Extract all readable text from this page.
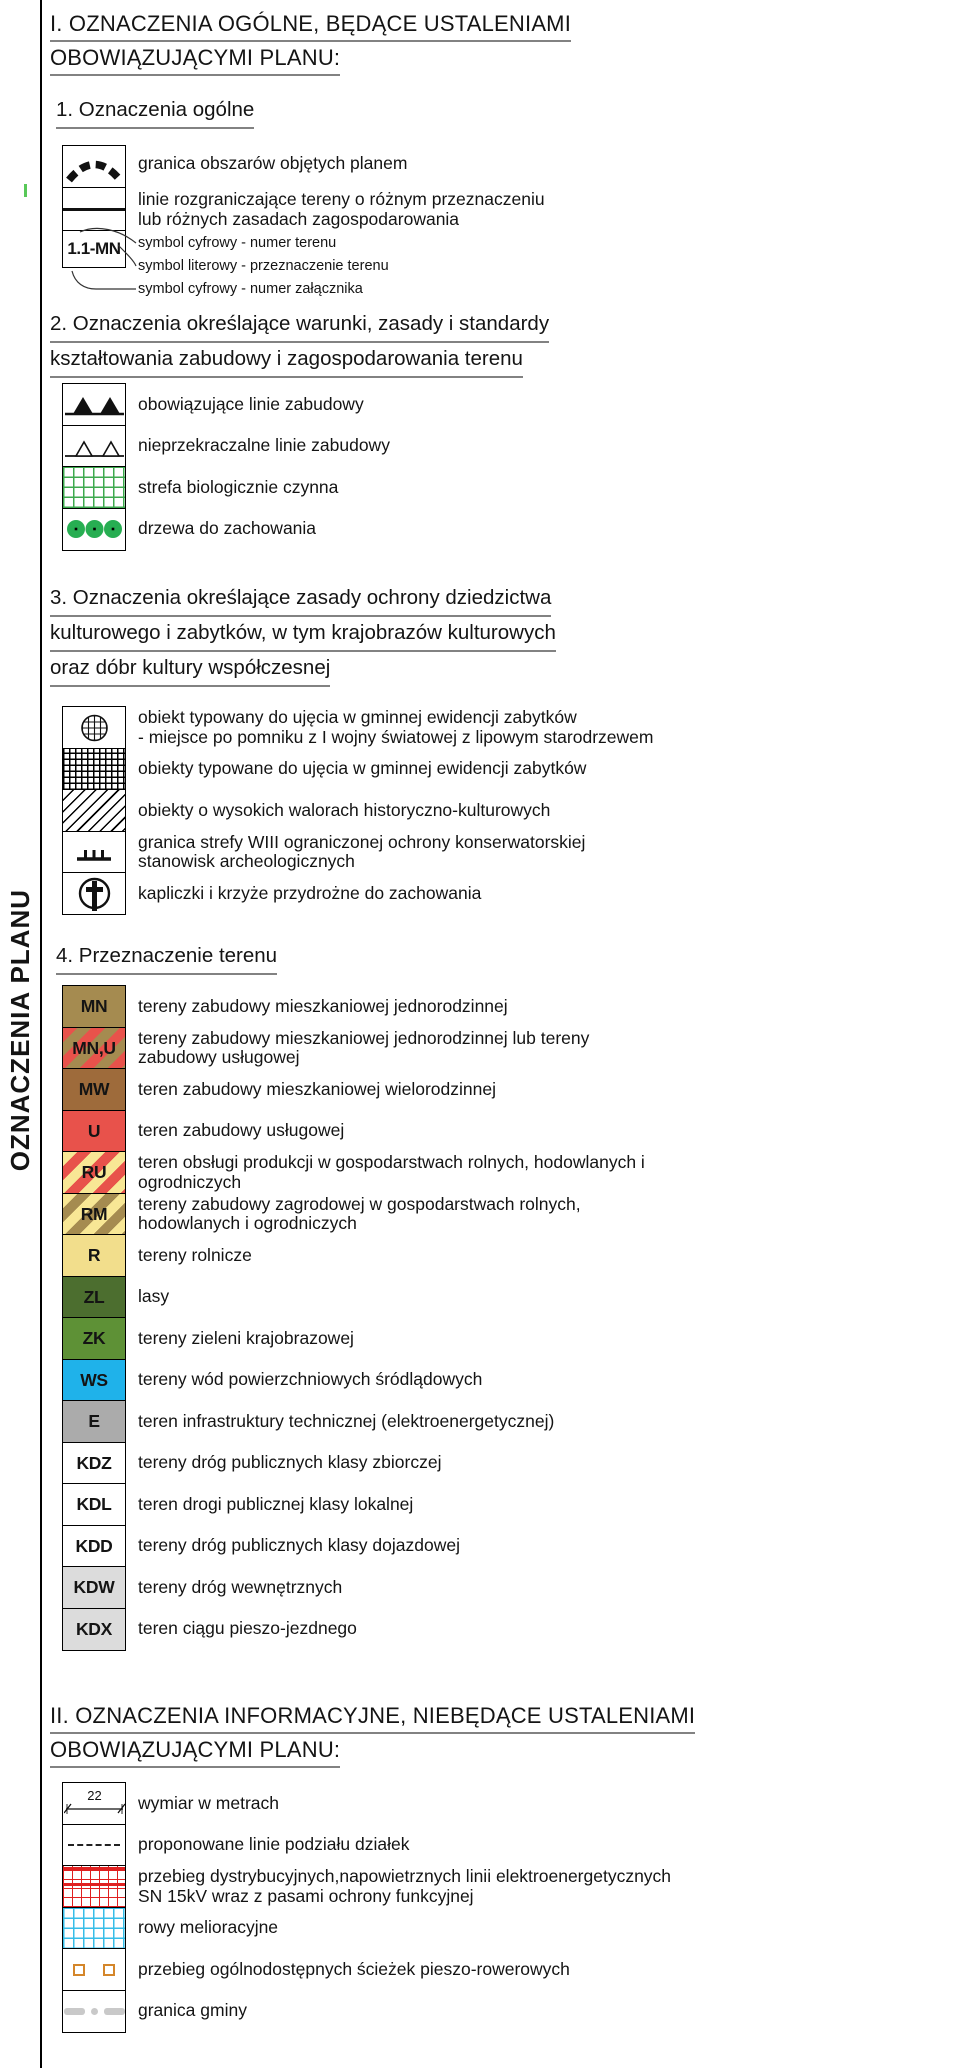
OZNACZENIA PLANU
I. OZNACZENIA OGÓLNE, BĘDĄCE USTALENIAMI
OBOWIĄZUJĄCYMI PLANU:
1. Oznaczenia ogólne
1.1-MN
granica obszarów objętych planem
linie rozgraniczające tereny o różnym przeznaczeniu
lub różnych zasadach zagospodarowania
symbol cyfrowy - numer terenu
symbol literowy - przeznaczenie terenu
symbol cyfrowy - numer załącznika
2. Oznaczenia określające warunki, zasady i standardy
kształtowania zabudowy i zagospodarowania terenu
obowiązujące linie zabudowy
nieprzekraczalne linie zabudowy
strefa biologicznie czynna
drzewa do zachowania
3. Oznaczenia określające zasady ochrony dziedzictwa
kulturowego i zabytków, w tym krajobrazów kulturowych
oraz dóbr kultury współczesnej
obiekt typowany do ujęcia w gminnej ewidencji zabytków
- miejsce po pomniku z I wojny światowej z lipowym starodrzewem
obiekty typowane do ujęcia w gminnej ewidencji zabytków
obiekty o wysokich walorach historyczno-kulturowych
granica strefy WIII ograniczonej ochrony konserwatorskiej
stanowisk archeologicznych
kapliczki i krzyże przydrożne do zachowania
4. Przeznaczenie terenu
MN tereny zabudowy mieszkaniowej jednorodzinnej
MN,U tereny zabudowy mieszkaniowej jednorodzinnej lub tereny
zabudowy usługowej
MW teren zabudowy mieszkaniowej wielorodzinnej
U teren zabudowy usługowej
RU teren obsługi produkcji w gospodarstwach rolnych, hodowlanych i
ogrodniczych
RM tereny zabudowy zagrodowej w gospodarstwach rolnych,
hodowlanych i ogrodniczych
R tereny rolnicze
ZL lasy
ZK tereny zieleni krajobrazowej
WS tereny wód powierzchniowych śródlądowych
E teren infrastruktury technicznej (elektroenergetycznej)
KDZ tereny dróg publicznych klasy zbiorczej
KDL teren drogi publicznej klasy lokalnej
KDD tereny dróg publicznych klasy dojazdowej
KDW tereny dróg wewnętrznych
KDX teren ciągu pieszo-jezdnego
II. OZNACZENIA INFORMACYJNE, NIEBĘDĄCE USTALENIAMI
OBOWIĄZUJĄCYMI PLANU:
22 wymiar w metrach
proponowane linie podziału działek
przebieg dystrybucyjnych,napowietrznych linii elektroenergetycznych
SN 15kV wraz z pasami ochrony funkcyjnej
rowy melioracyjne
przebieg ogólnodostępnych ścieżek pieszo-rowerowych
granica gminy
